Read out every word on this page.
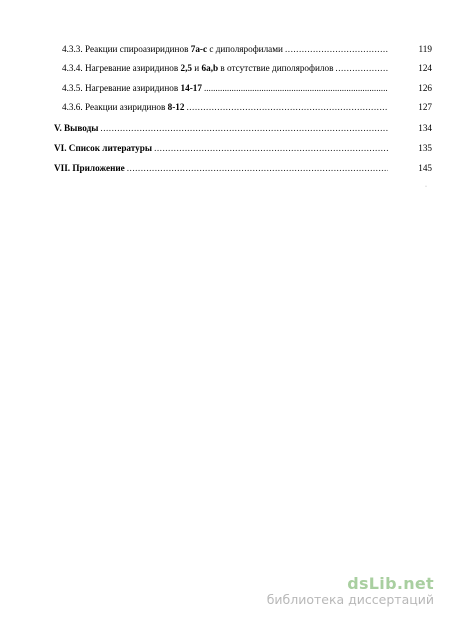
4.3.3. Реакции спироазиридинов 7а-с с диполярофилами .....	119
4.3.4. Нагревание азиридинов 2,5 и 6а,b в отсутствие диполярофилов .....	124
4.3.5. Нагревание азиридинов 14-17 .....	126
4.3.6. Реакции азиридинов 8-12 .....	127
V. Выводы .....	134
VI. Список литературы .....	135
VII. Приложение .....	145
·
dsLib.net
библиотека диссертаций
